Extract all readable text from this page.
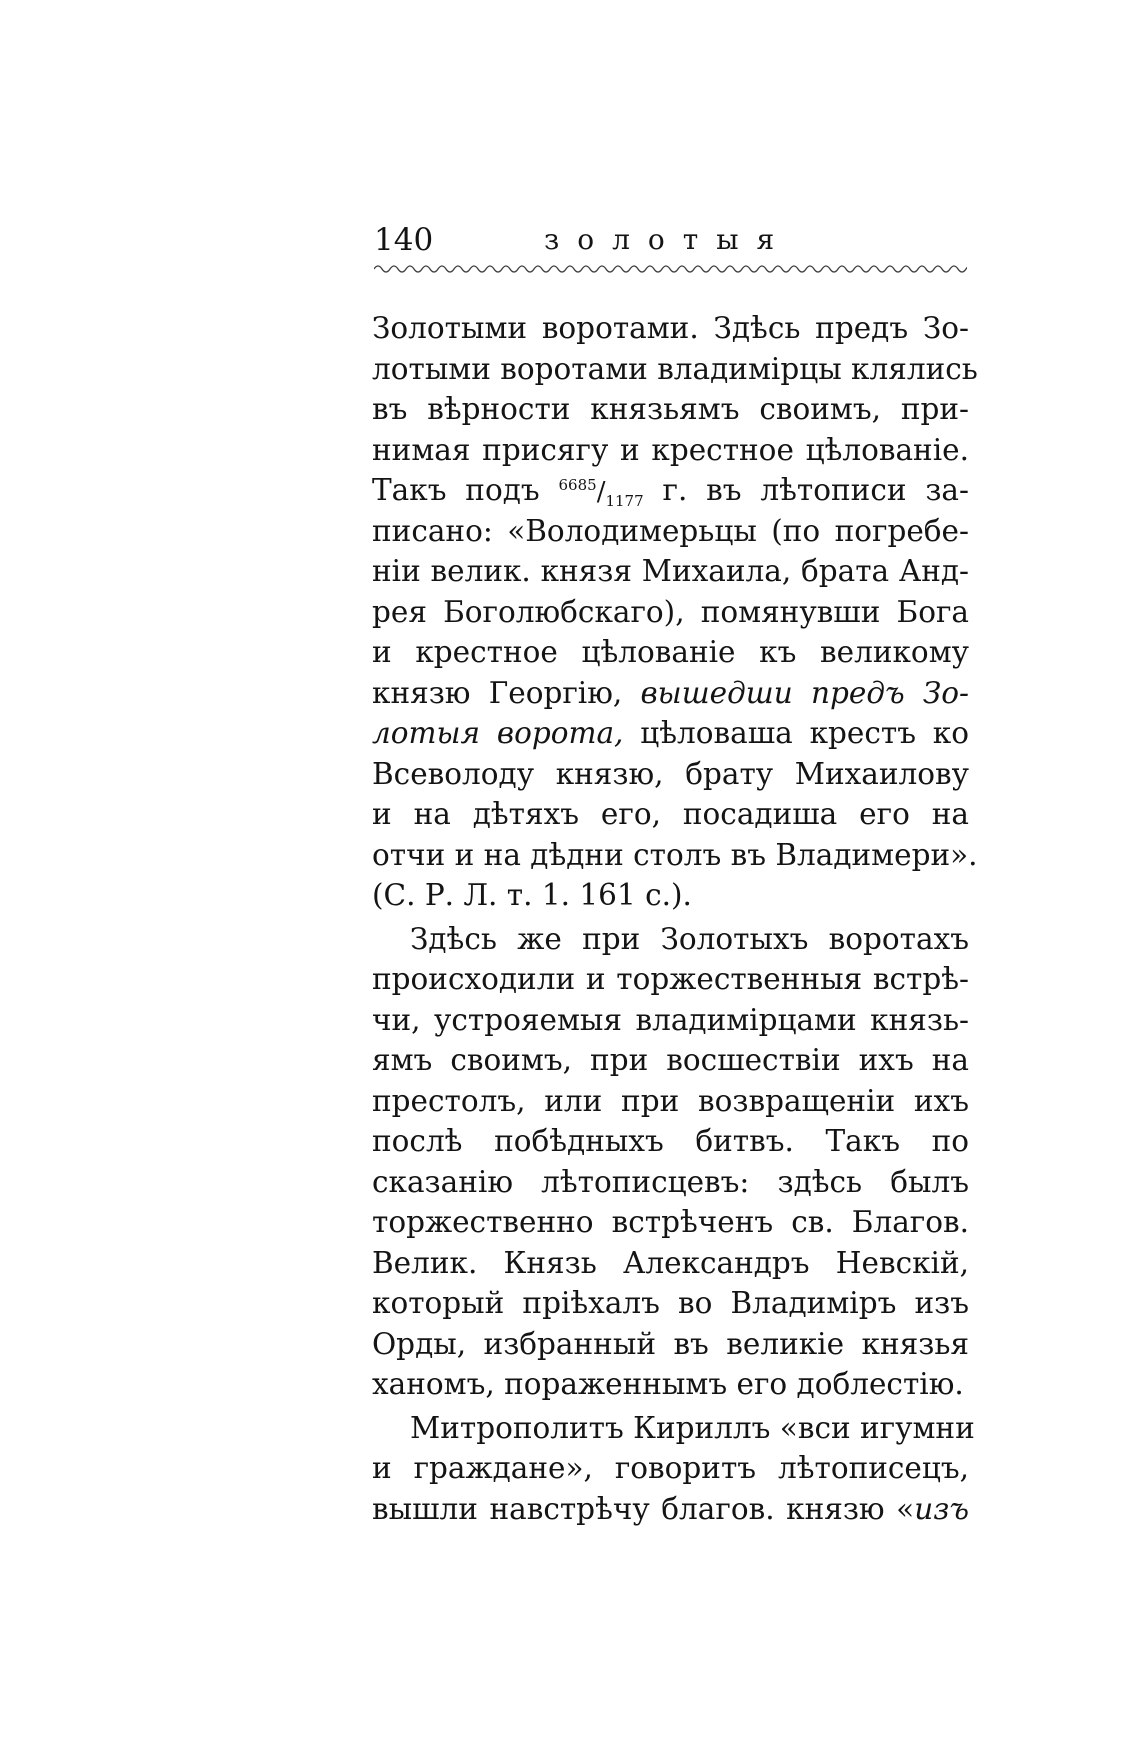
140	золотыя
Золотыми воротами. Здѣсь предъ Зо-
лотыми воротами владимірцы клялись
въ вѣрности князьямъ своимъ, при-
нимая присягу и крестное цѣлованіе.
Такъ подъ $^{6685}/_{1177}$ г. въ лѣтописи за-
писано: «Володимерьцы (по погребе-
ніи велик. князя Михаила, брата Анд-
рея Боголюбскаго), помянувши Бога
и крестное цѣлованіе къ великому
князю Георгію, вышедши предъ Зо-
лотыя ворота, цѣловаша крестъ ко
Всеволоду князю, брату Михаилову
и на дѣтяхъ его, посадиша его на
отчи и на дѣдни столъ въ Владимери».
(С. Р. Л. т. 1. 161 с.).
Здѣсь же при Золотыхъ воротахъ
происходили и торжественныя встрѣ-
чи, устрояемыя владимірцами князь-
ямъ своимъ, при восшествіи ихъ на
престолъ, или при возвращеніи ихъ
послѣ побѣдныхъ битвъ. Такъ по
сказанію лѣтописцевъ: здѣсь былъ
торжественно встрѣченъ св. Благов.
Велик. Князь Александръ Невскій,
который пріѣхалъ во Владиміръ изъ
Орды, избранный въ великіе князья
ханомъ, пораженнымъ его доблестію.
Митрополитъ Кириллъ «вси игумни
и граждане», говоритъ лѣтописецъ,
вышли навстрѣчу благов. князю «изъ
